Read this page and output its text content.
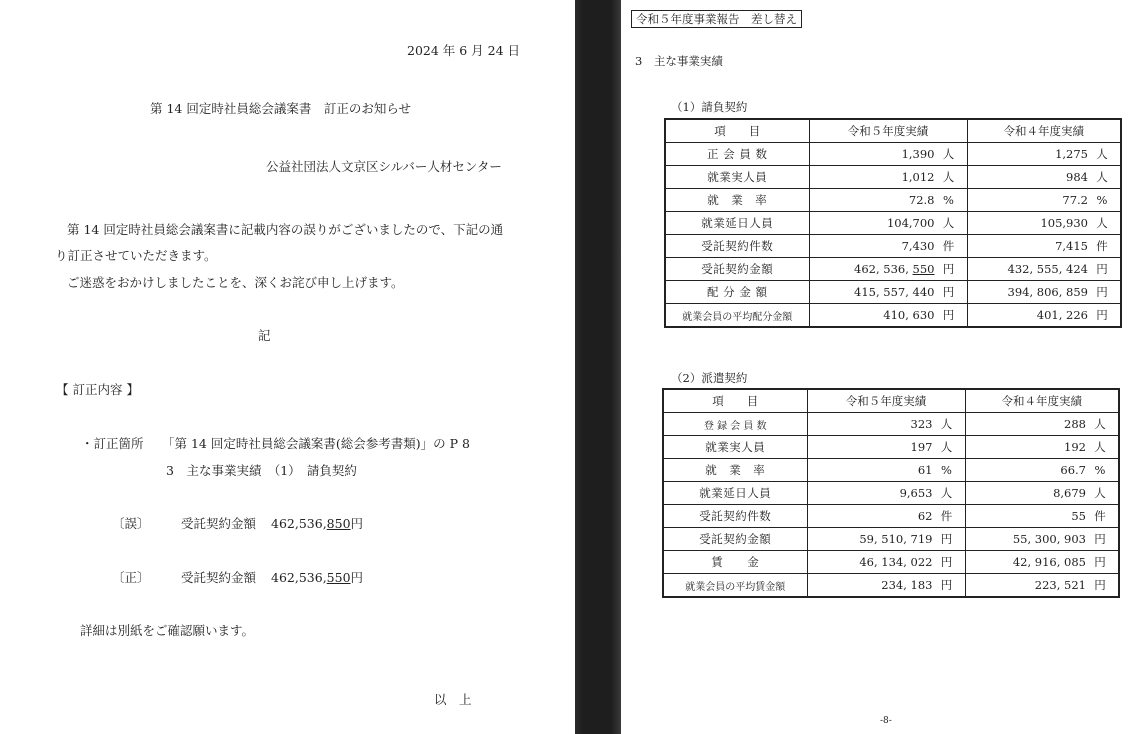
2024 年 6 月 24 日
第 14 回定時社員総会議案書　訂正のお知らせ
公益社団法人文京区シルバー人材センター
第 14 回定時社員総会議案書に記載内容の誤りがございましたので、下記の通
り訂正させていただきます。
ご迷惑をおかけしましたことを、深くお詫び申し上げます。
記
【 訂正内容 】
・訂正箇所 「第 14 回定時社員総会議案書(総会参考書類)」の P 8
3　主な事業実績　（1）　請負契約
〔誤〕	受託契約金額 462,536,850円
〔正〕	受託契約金額 462,536,550円
詳細は別紙をご確認願います。
以　上
令和５年度事業報告　差し替え
3　主な事業実績
（1）請負契約
項　　目	令和５年度実績	令和４年度実績
正 会 員 数	1,390 人	1,275 人
就業実人員	1,012 人	984 人
就　業　率	72.8 %	77.2 %
就業延日人員	104,700 人	105,930 人
受託契約件数	7,430 件	7,415 件
受託契約金額	462, 536, 550 円	432, 555, 424 円
配 分 金 額	415, 557, 440 円	394, 806, 859 円
就業会員の平均配分金額	410, 630 円	401, 226 円
（2）派遣契約
項　　目	令和５年度実績	令和４年度実績
登 録 会 員 数	323 人	288 人
就業実人員	197 人	192 人
就　業　率	61 %	66.7 %
就業延日人員	9,653 人	8,679 人
受託契約件数	62 件	55 件
受託契約金額	59, 510, 719 円	55, 300, 903 円
賃　　金	46, 134, 022 円	42, 916, 085 円
就業会員の平均賃金額	234, 183 円	223, 521 円
-8-
